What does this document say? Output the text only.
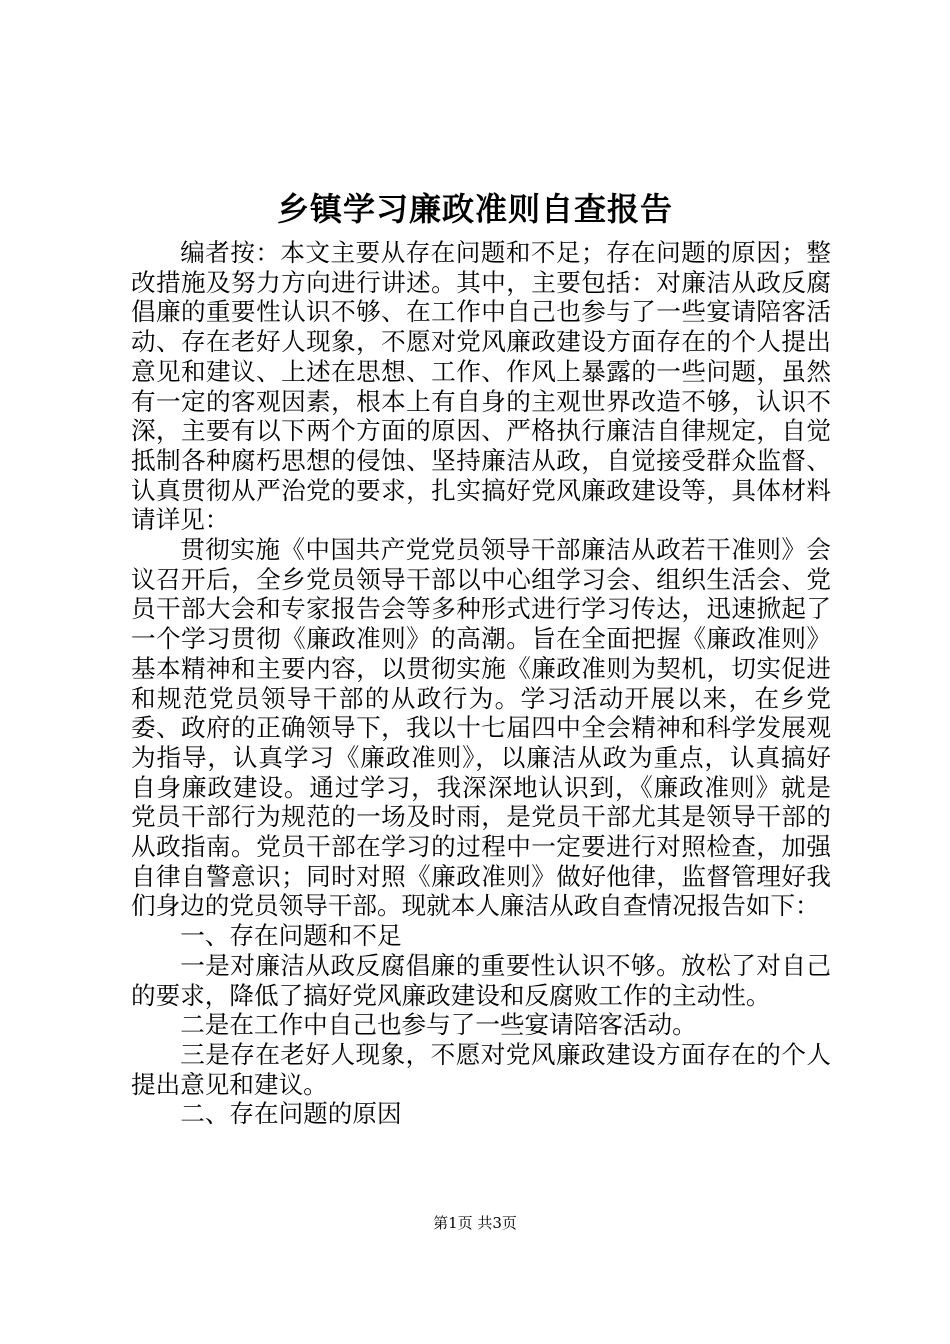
乡镇学习廉政准则自查报告

编者按：本文主要从存在问题和不足；存在问题的原因；整改措施及努力方向进行讲述。其中，主要包括：对廉洁从政反腐倡廉的重要性认识不够、在工作中自己也参与了一些宴请陪客活动、存在老好人现象，不愿对党风廉政建设方面存在的个人提出意见和建议、上述在思想、工作、作风上暴露的一些问题，虽然有一定的客观因素，根本上有自身的主观世界改造不够，认识不深，主要有以下两个方面的原因、严格执行廉洁自律规定，自觉抵制各种腐朽思想的侵蚀、坚持廉洁从政，自觉接受群众监督、认真贯彻从严治党的要求，扎实搞好党风廉政建设等，具体材料请详见：

贯彻实施《中国共产党党员领导干部廉洁从政若干准则》会议召开后，全乡党员领导干部以中心组学习会、组织生活会、党员干部大会和专家报告会等多种形式进行学习传达，迅速掀起了一个学习贯彻《廉政准则》的高潮。旨在全面把握《廉政准则》基本精神和主要内容，以贯彻实施《廉政准则为契机，切实促进和规范党员领导干部的从政行为。学习活动开展以来，在乡党委、政府的正确领导下，我以十七届四中全会精神和科学发展观为指导，认真学习《廉政准则》，以廉洁从政为重点，认真搞好自身廉政建设。通过学习，我深深地认识到，《廉政准则》就是党员干部行为规范的一场及时雨，是党员干部尤其是领导干部的从政指南。党员干部在学习的过程中一定要进行对照检查，加强自律自警意识；同时对照《廉政准则》做好他律，监督管理好我们身边的党员领导干部。现就本人廉洁从政自查情况报告如下：

一、存在问题和不足

一是对廉洁从政反腐倡廉的重要性认识不够。放松了对自己的要求，降低了搞好党风廉政建设和反腐败工作的主动性。

二是在工作中自己也参与了一些宴请陪客活动。

三是存在老好人现象，不愿对党风廉政建设方面存在的个人提出意见和建议。

二、存在问题的原因

第1页 共3页
